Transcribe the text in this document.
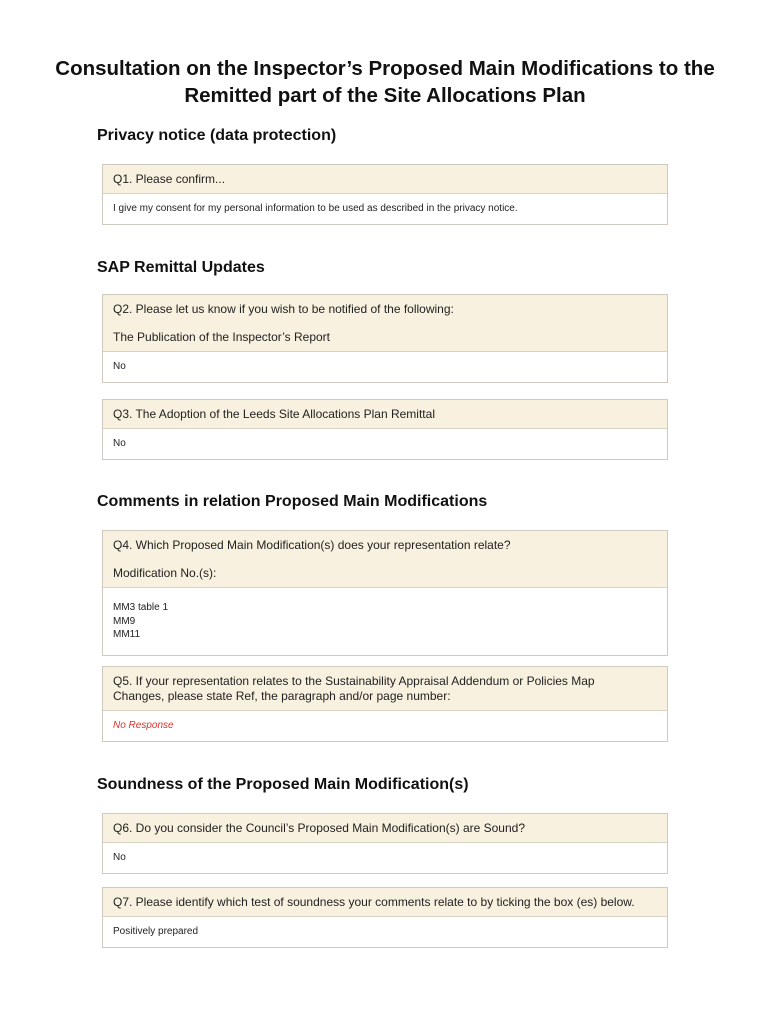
Consultation on the Inspector’s Proposed Main Modifications to the
Remitted part of the Site Allocations Plan
Privacy notice (data protection)
Q1. Please confirm...
I give my consent for my personal information to be used as described in the privacy notice.
SAP Remittal Updates
Q2. Please let us know if you wish to be notified of the following:
The Publication of the Inspector’s Report
No
Q3. The Adoption of the Leeds Site Allocations Plan Remittal
No
Comments in relation Proposed Main Modifications
Q4. Which Proposed Main Modification(s) does your representation relate?
Modification No.(s):
MM3 table 1
MM9
MM11
Q5. If your representation relates to the Sustainability Appraisal Addendum or Policies Map Changes, please state Ref, the paragraph and/or page number:
No Response
Soundness of the Proposed Main Modification(s)
Q6. Do you consider the Council’s Proposed Main Modification(s) are Sound?
No
Q7. Please identify which test of soundness your comments relate to by ticking the box (es) below.
Positively prepared
